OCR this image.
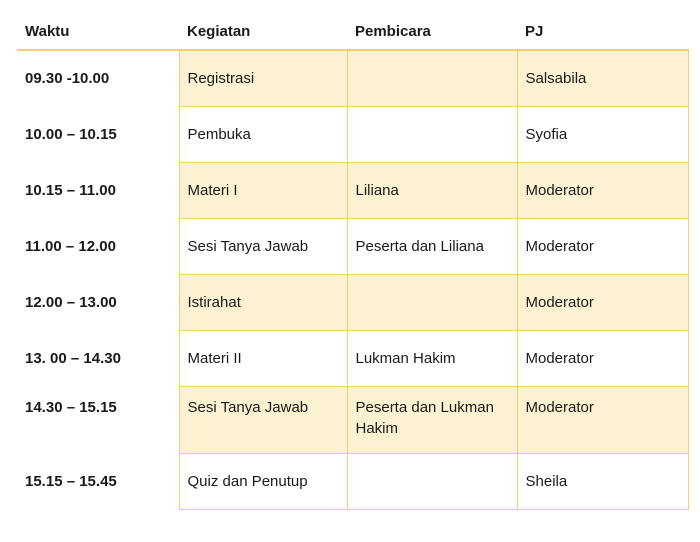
Waktu	Kegiatan	Pembicara	PJ
09.30 -10.00	Registrasi		Salsabila
10.00 – 10.15	Pembuka		Syofia
10.15 – 11.00	Materi I	Liliana	Moderator
11.00 – 12.00	Sesi Tanya Jawab	Peserta dan Liliana	Moderator
12.00 – 13.00	Istirahat		Moderator
13. 00 – 14.30	Materi II	Lukman Hakim	Moderator
14.30 – 15.15	Sesi Tanya Jawab	Peserta dan Lukman Hakim	Moderator
15.15 – 15.45	Quiz dan Penutup		Sheila
